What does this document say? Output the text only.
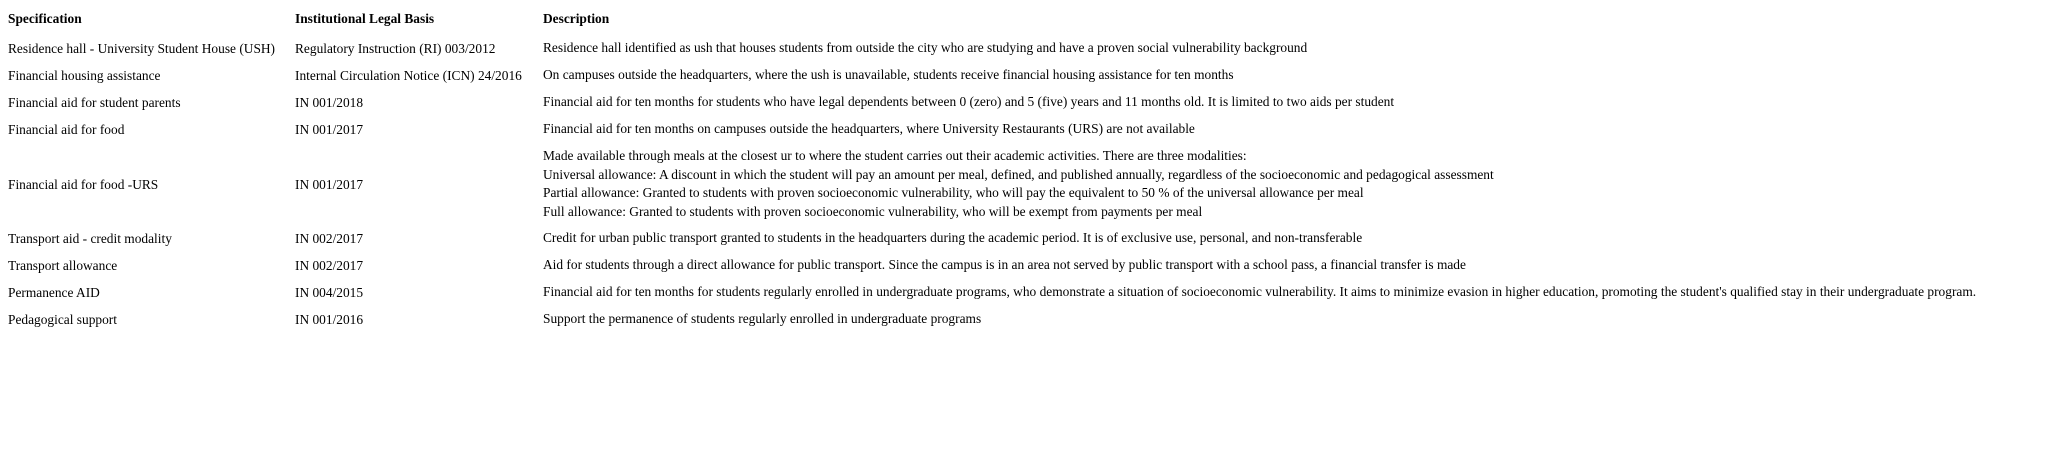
Specification	Institutional Legal Basis	Description
Residence hall - University Student House (USH)	Regulatory Instruction (RI) 003/2012	Residence hall identified as ush that houses students from outside the city who are studying and have a proven social vulnerability background

Financial housing assistance	Internal Circulation Notice (ICN) 24/2016	On campuses outside the headquarters, where the ush is unavailable, students receive financial housing assistance for ten months

Financial aid for student parents	IN 001/2018	Financial aid for ten months for students who have legal dependents between 0 (zero) and 5 (five) years and 11 months old. It is limited to two aids per student

Financial aid for food	IN 001/2017	Financial aid for ten months on campuses outside the headquarters, where University Restaurants (URS) are not available

Financial aid for food -URS	IN 001/2017	Made available through meals at the closest ur to where the student carries out their academic activities. There are three modalities:
Universal allowance: A discount in which the student will pay an amount per meal, defined, and published annually, regardless of the socioeconomic and pedagogical assessment
Partial allowance: Granted to students with proven socioeconomic vulnerability, who will pay the equivalent to 50 % of the universal allowance per meal
Full allowance: Granted to students with proven socioeconomic vulnerability, who will be exempt from payments per meal

Transport aid - credit modality	IN 002/2017	Credit for urban public transport granted to students in the headquarters during the academic period. It is of exclusive use, personal, and non-transferable

Transport allowance	IN 002/2017	Aid for students through a direct allowance for public transport. Since the campus is in an area not served by public transport with a school pass, a financial transfer is made

Permanence AID	IN 004/2015	Financial aid for ten months for students regularly enrolled in undergraduate programs, who demonstrate a situation of socioeconomic vulnerability. It aims to minimize evasion in higher education, promoting the student's qualified stay in their undergraduate program.

Pedagogical support	IN 001/2016	Support the permanence of students regularly enrolled in undergraduate programs
